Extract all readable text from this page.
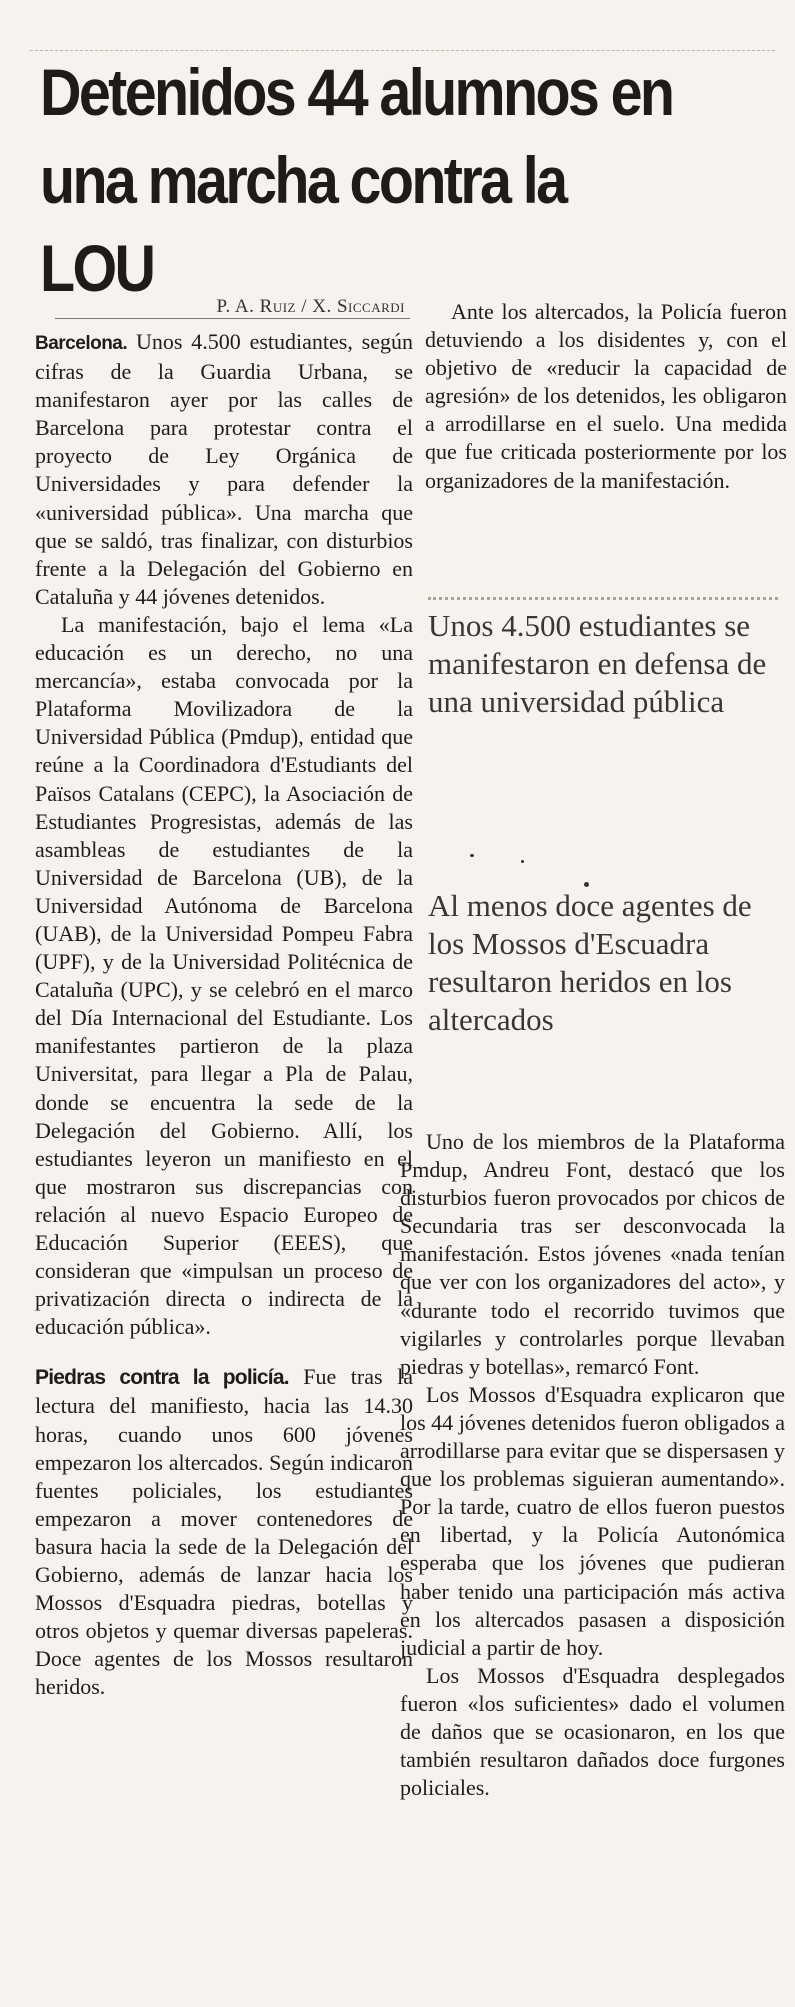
Detenidos 44 alumnos en una marcha contra la LOU
P. A. Ruiz / X. Siccardi

Barcelona. Unos 4.500 estudiantes, según cifras de la Guardia Urbana, se manifestaron ayer por las calles de Barcelona para protestar contra el proyecto de Ley Orgánica de Universidades y para defender la «universidad pública». Una marcha que que se saldó, tras finalizar, con disturbios frente a la Delegación del Gobierno en Cataluña y 44 jóvenes detenidos.

La manifestación, bajo el lema «La educación es un derecho, no una mercancía», estaba convocada por la Plataforma Movilizadora de la Universidad Pública (Pmdup), entidad que reúne a la Coordinadora d'Estudiants del Països Catalans (CEPC), la Asociación de Estudiantes Progresistas, además de las asambleas de estudiantes de la Universidad de Barcelona (UB), de la Universidad Autónoma de Barcelona (UAB), de la Universidad Pompeu Fabra (UPF), y de la Universidad Politécnica de Cataluña (UPC), y se celebró en el marco del Día Internacional del Estudiante. Los manifestantes partieron de la plaza Universitat, para llegar a Pla de Palau, donde se encuentra la sede de la Delegación del Gobierno. Allí, los estudiantes leyeron un manifiesto en el que mostraron sus discrepancias con relación al nuevo Espacio Europeo de Educación Superior (EEES), que consideran que «impulsan un proceso de privatización directa o indirecta de la educación pública».

Piedras contra la policía. Fue tras la lectura del manifiesto, hacia las 14.30 horas, cuando unos 600 jóvenes empezaron los altercados. Según indicaron fuentes policiales, los estudiantes empezaron a mover contenedores de basura hacia la sede de la Delegación del Gobierno, además de lanzar hacia los Mossos d'Esquadra piedras, botellas y otros objetos y quemar diversas papeleras. Doce agentes de los Mossos resultaron heridos.

Ante los altercados, la Policía fueron detuviendo a los disidentes y, con el objetivo de «reducir la capacidad de agresión» de los detenidos, les obligaron a arrodillarse en el suelo. Una medida que fue criticada posteriormente por los organizadores de la manifestación.

Unos 4.500 estudiantes se manifestaron en defensa de una universidad pública
Al menos doce agentes de los Mossos d'Escuadra resultaron heridos en los altercados

Uno de los miembros de la Plataforma Pmdup, Andreu Font, destacó que los disturbios fueron provocados por chicos de Secundaria tras ser desconvocada la manifestación. Estos jóvenes «nada tenían que ver con los organizadores del acto», y «durante todo el recorrido tuvimos que vigilarles y controlarles porque llevaban piedras y botellas», remarcó Font.

Los Mossos d'Esquadra explicaron que los 44 jóvenes detenidos fueron obligados a arrodillarse para evitar que se dispersasen y que los problemas siguieran aumentando». Por la tarde, cuatro de ellos fueron puestos en libertad, y la Policía Autonómica esperaba que los jóvenes que pudieran haber tenido una participación más activa en los altercados pasasen a disposición judicial a partir de hoy.

Los Mossos d'Esquadra desplegados fueron «los suficientes» dado el volumen de daños que se ocasionaron, en los que también resultaron dañados doce furgones policiales.
